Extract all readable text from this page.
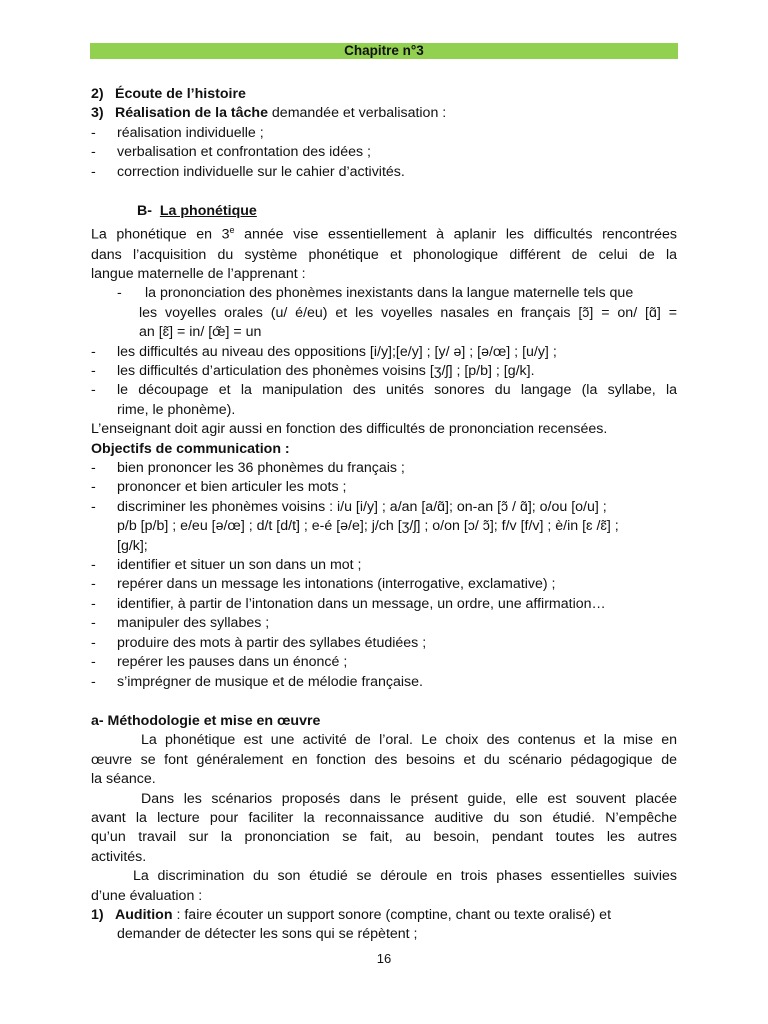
Chapitre n°3

2) Écoute de l’histoire

3) Réalisation de la tâche demandée et verbalisation :

- réalisation individuelle ;

- verbalisation et confrontation des idées ;

- correction individuelle sur le cahier d’activités.

B- La phonétique

La phonétique en 3e année vise essentiellement à aplanir les difficultés rencontrées

dans l’acquisition du système phonétique et phonologique différent de celui de la

langue maternelle de l’apprenant :

- la prononciation des phonèmes inexistants dans la langue maternelle tels que

les voyelles orales (u/ é/eu) et les voyelles nasales en français [ɔ̃] = on/ [ɑ̃] =

an [ɛ̃] = in/ [œ̃] = un

- les difficultés au niveau des oppositions [i/y];[e/y] ; [y/ ə] ; [ə/œ] ; [u/y] ;

- les difficultés d’articulation des phonèmes voisins [ʒ/ʃ] ; [p/b] ; [g/k].

- le découpage et la manipulation des unités sonores du langage (la syllabe, la

rime, le phonème).

L’enseignant doit agir aussi en fonction des difficultés de prononciation recensées.

Objectifs de communication :

- bien prononcer les 36 phonèmes du français ;

- prononcer et bien articuler les mots ;

- discriminer les phonèmes voisins : i/u [i/y] ; a/an [a/ɑ̃]; on-an [ɔ̃ / ɑ̃]; o/ou [o/u] ;

p/b [p/b] ; e/eu [ə/œ] ; d/t [d/t] ; e-é [ə/e]; j/ch [ʒ/ʃ] ; o/on [ɔ/ ɔ̃]; f/v [f/v] ; è/in [ɛ /ɛ̃] ;

[g/k];

- identifier et situer un son dans un mot ;

- repérer dans un message les intonations (interrogative, exclamative) ;

- identifier, à partir de l’intonation dans un message, un ordre, une affirmation…

- manipuler des syllabes ;

- produire des mots à partir des syllabes étudiées ;

- repérer les pauses dans un énoncé ;

- s’imprégner de musique et de mélodie française.

a- Méthodologie et mise en œuvre

La phonétique est une activité de l’oral. Le choix des contenus et la mise en

œuvre se font généralement en fonction des besoins et du scénario pédagogique de

la séance.

Dans les scénarios proposés dans le présent guide, elle est souvent placée

avant la lecture pour faciliter la reconnaissance auditive du son étudié. N’empêche

qu’un travail sur la prononciation se fait, au besoin, pendant toutes les autres

activités.

La discrimination du son étudié se déroule en trois phases essentielles suivies

d’une évaluation :

1) Audition : faire écouter un support sonore (comptine, chant ou texte oralisé) et

demander de détecter les sons qui se répètent ;

16
